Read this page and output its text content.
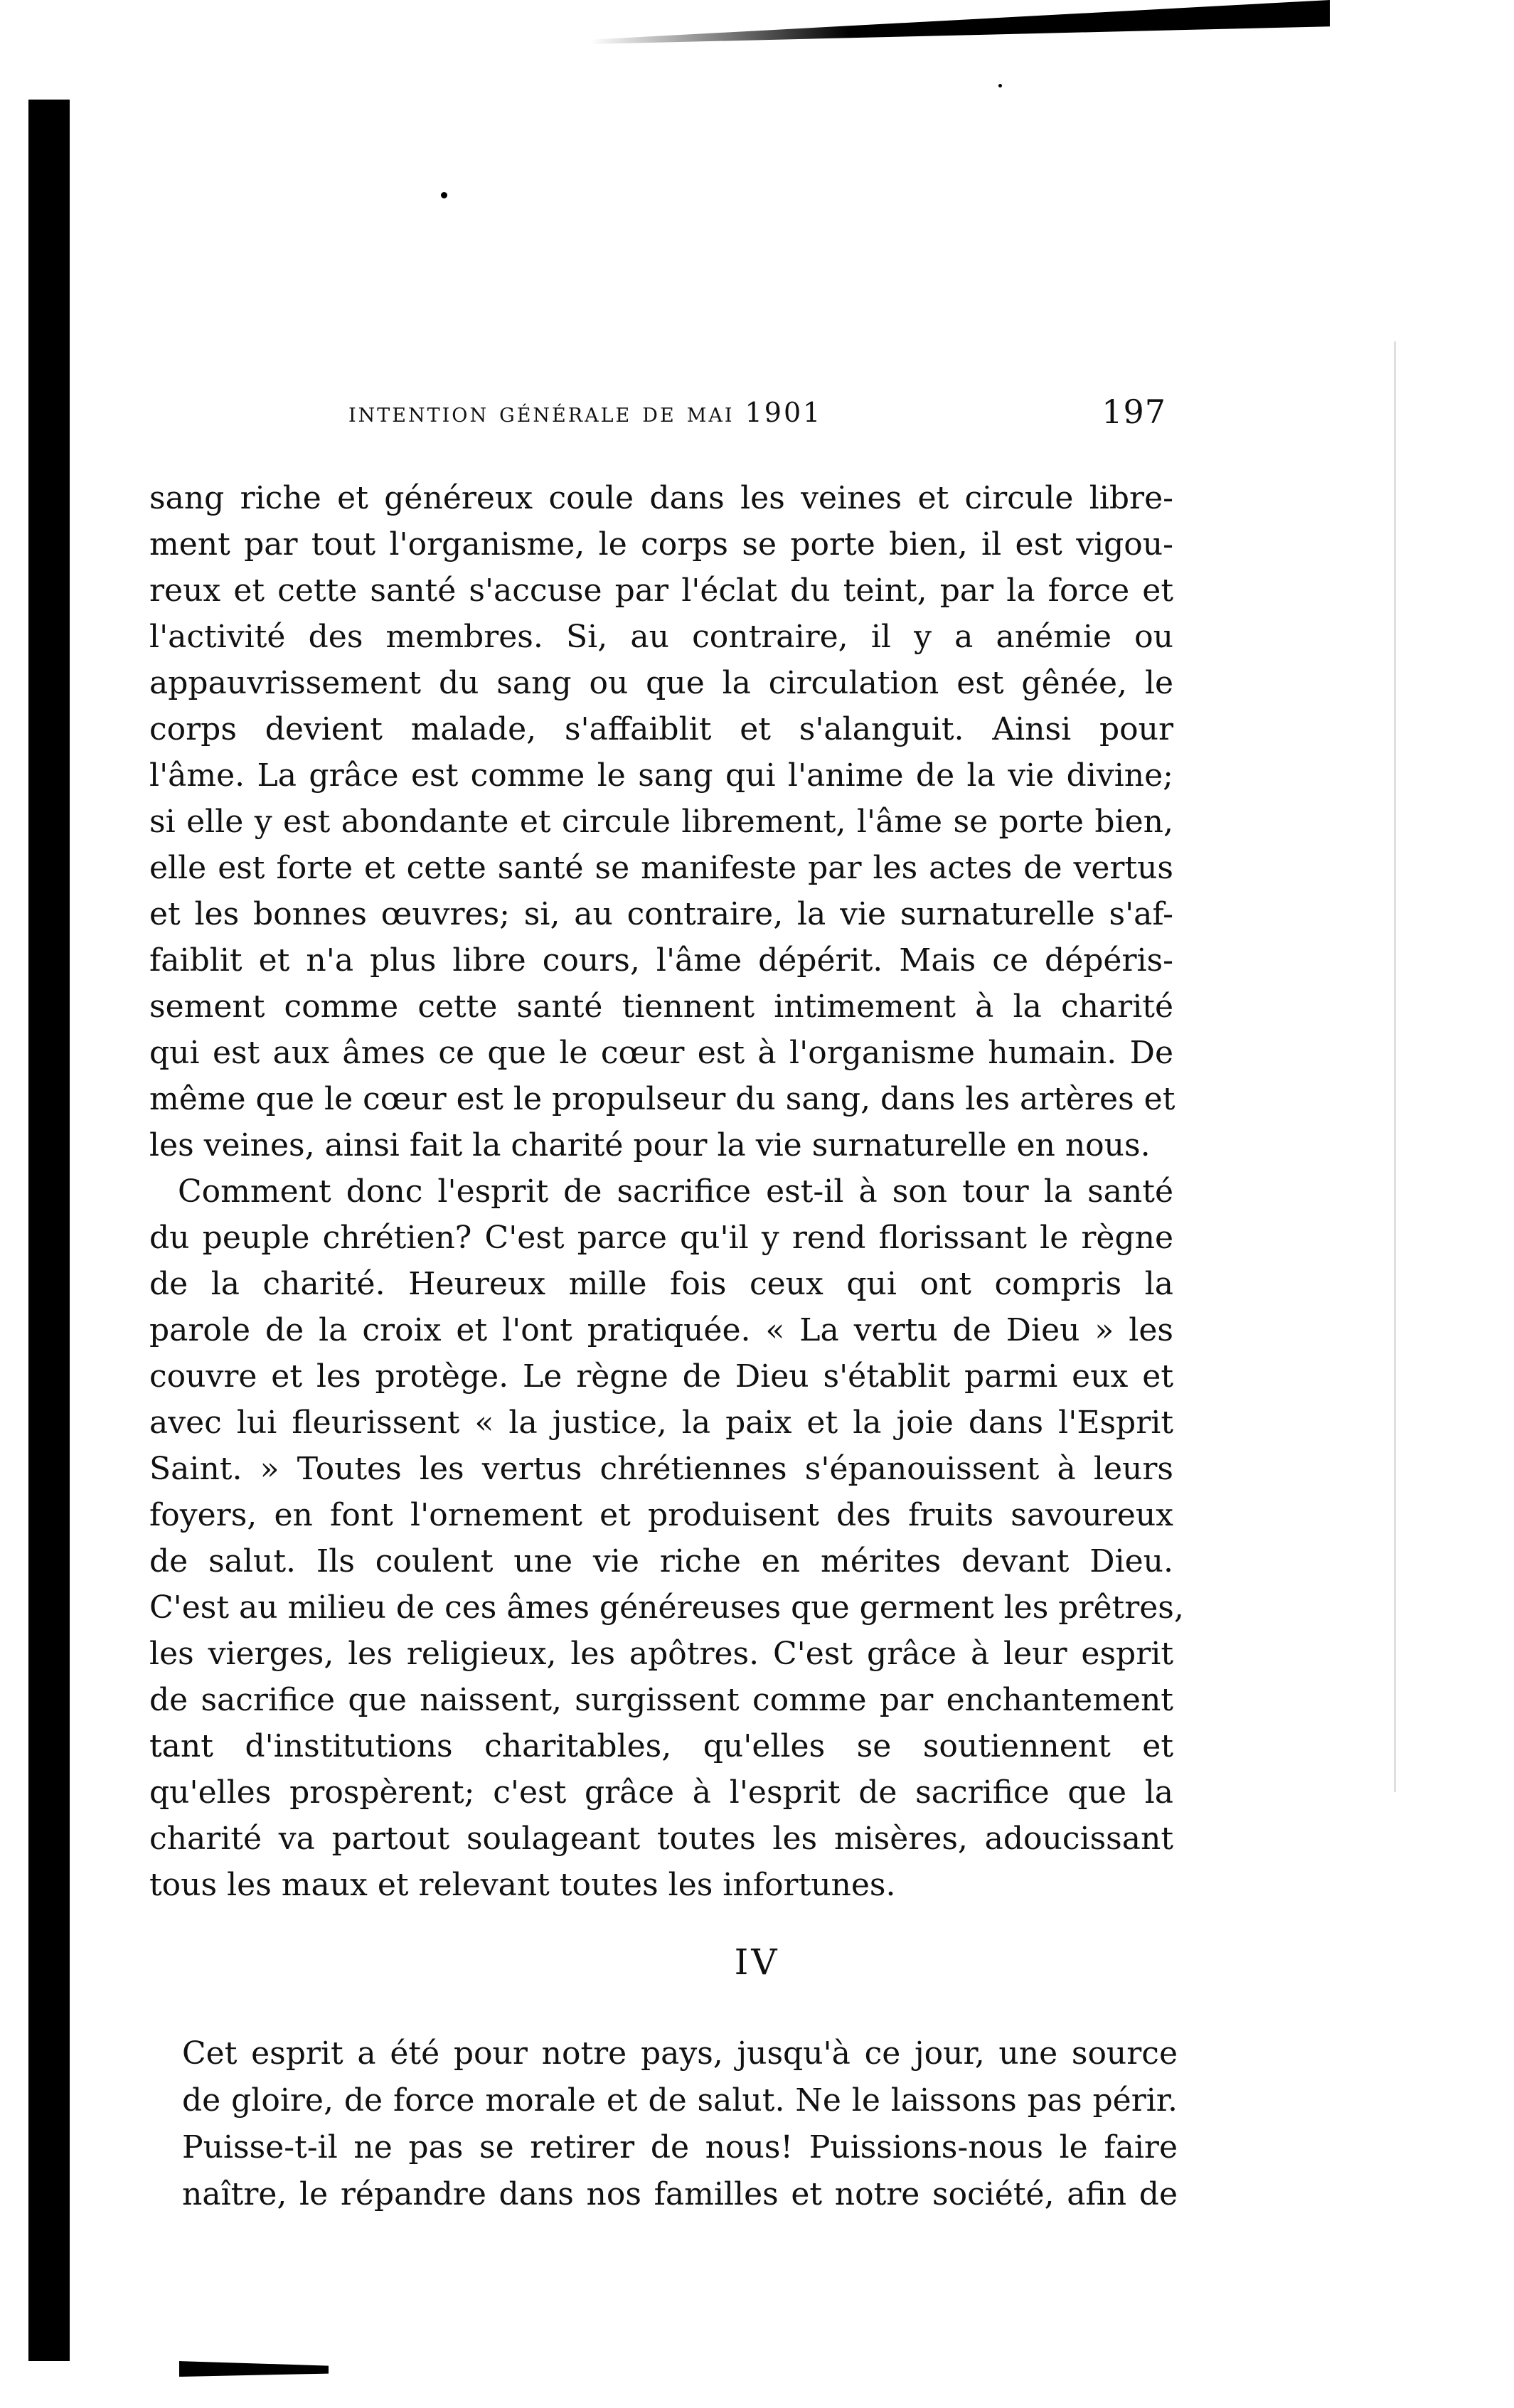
intention générale de mai 1901	197
sang riche et généreux coule dans les veines et circule libre-
ment par tout l'organisme, le corps se porte bien, il est vigou-
reux et cette santé s'accuse par l'éclat du teint, par la force et
l'activité des membres. Si, au contraire, il y a anémie ou
appauvrissement du sang ou que la circulation est gênée, le
corps devient malade, s'affaiblit et s'alanguit. Ainsi pour
l'âme. La grâce est comme le sang qui l'anime de la vie divine;
si elle y est abondante et circule librement, l'âme se porte bien,
elle est forte et cette santé se manifeste par les actes de vertus
et les bonnes œuvres; si, au contraire, la vie surnaturelle s'af-
faiblit et n'a plus libre cours, l'âme dépérit. Mais ce dépéris-
sement comme cette santé tiennent intimement à la charité
qui est aux âmes ce que le cœur est à l'organisme humain. De
même que le cœur est le propulseur du sang, dans les artères et
les veines, ainsi fait la charité pour la vie surnaturelle en nous.
Comment donc l'esprit de sacrifice est-il à son tour la santé
du peuple chrétien? C'est parce qu'il y rend florissant le règne
de la charité. Heureux mille fois ceux qui ont compris la
parole de la croix et l'ont pratiquée. « La vertu de Dieu » les
couvre et les protège. Le règne de Dieu s'établit parmi eux et
avec lui fleurissent « la justice, la paix et la joie dans l'Esprit
Saint. » Toutes les vertus chrétiennes s'épanouissent à leurs
foyers, en font l'ornement et produisent des fruits savoureux
de salut. Ils coulent une vie riche en mérites devant Dieu.
C'est au milieu de ces âmes généreuses que germent les prêtres,
les vierges, les religieux, les apôtres. C'est grâce à leur esprit
de sacrifice que naissent, surgissent comme par enchantement
tant d'institutions charitables, qu'elles se soutiennent et
qu'elles prospèrent; c'est grâce à l'esprit de sacrifice que la
charité va partout soulageant toutes les misères, adoucissant
tous les maux et relevant toutes les infortunes.
IV
Cet esprit a été pour notre pays, jusqu'à ce jour, une source
de gloire, de force morale et de salut. Ne le laissons pas périr.
Puisse-t-il ne pas se retirer de nous! Puissions-nous le faire
naître, le répandre dans nos familles et notre société, afin de
